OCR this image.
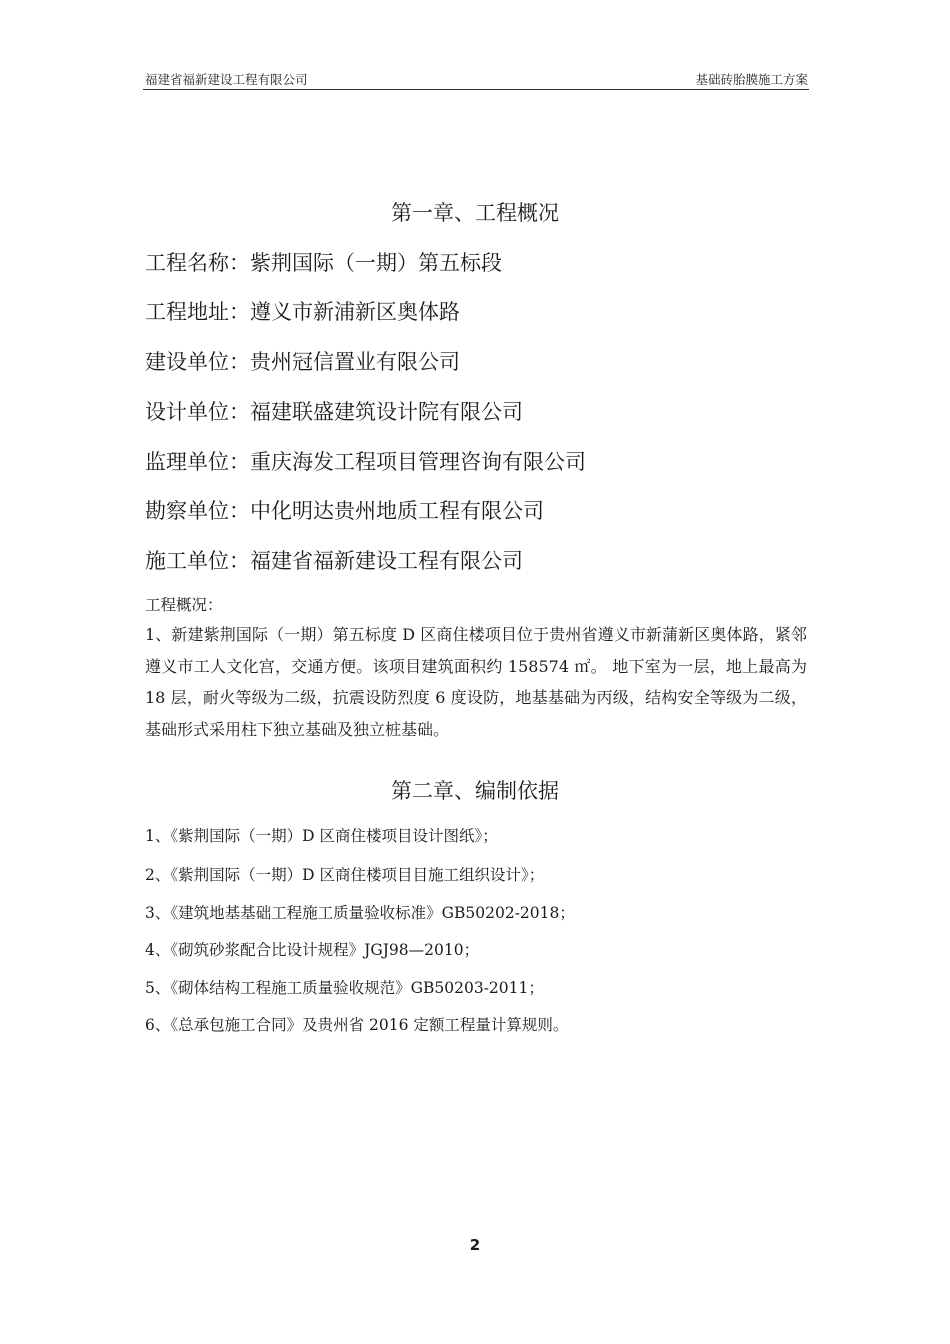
福建省福新建设工程有限公司	基础砖胎膜施工方案
第一章、工程概况
工程名称：紫荆国际（一期）第五标段
工程地址：遵义市新浦新区奥体路
建设单位：贵州冠信置业有限公司
设计单位：福建联盛建筑设计院有限公司
监理单位：重庆海发工程项目管理咨询有限公司
勘察单位：中化明达贵州地质工程有限公司
施工单位：福建省福新建设工程有限公司
工程概况：
1、新建紫荆国际（一期）第五标度 D 区商住楼项目位于贵州省遵义市新蒲新区奥体路，紧邻遵义市工人文化宫，交通方便。该项目建筑面积约 158574 ㎡。 地下室为一层，地上最高为 18 层，耐火等级为二级，抗震设防烈度 6 度设防，地基基础为丙级，结构安全等级为二级，基础形式采用柱下独立基础及独立桩基础。
第二章、编制依据
1、《紫荆国际（一期）D 区商住楼项目设计图纸》；
2、《紫荆国际（一期）D 区商住楼项目目施工组织设计》；
3、《建筑地基基础工程施工质量验收标准》GB50202-2018；
4、《砌筑砂浆配合比设计规程》JGJ98—2010；
5、《砌体结构工程施工质量验收规范》GB50203-2011；
6、《总承包施工合同》及贵州省 2016 定额工程量计算规则。
2
